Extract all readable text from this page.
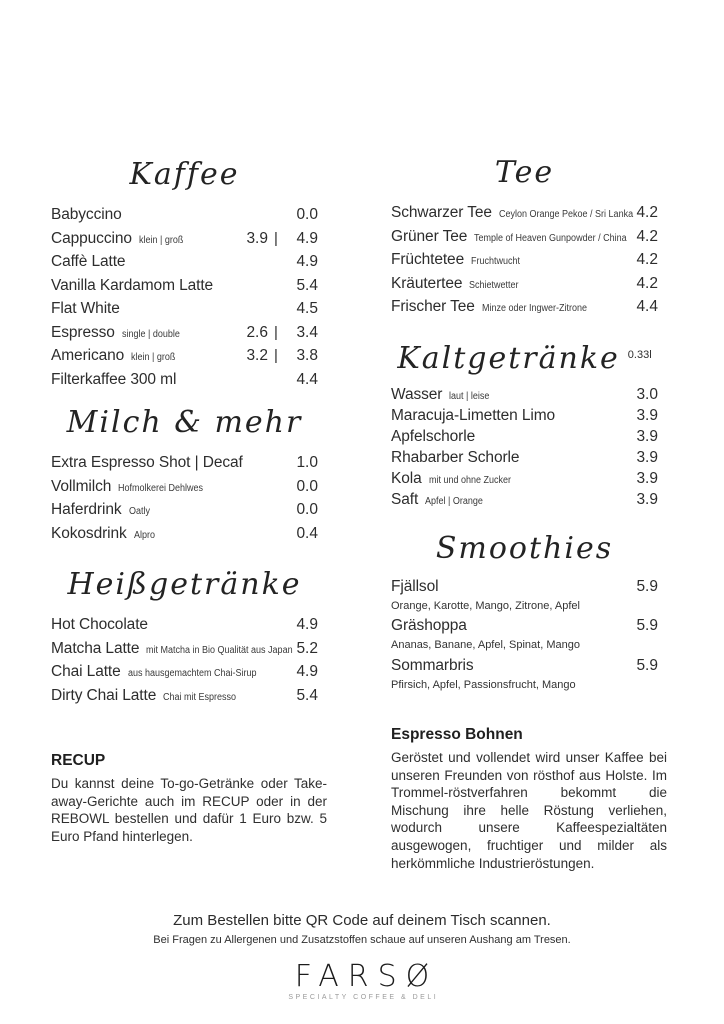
Kaffee
Babyccino	0.0
Cappuccino klein | groß	3.9 |	4.9
Caffè Latte	4.9
Vanilla Kardamom Latte	5.4
Flat White	4.5
Espresso single | double	2.6 |	3.4
Americano klein | groß	3.2 |	3.8
Filterkaffee 300 ml	4.4
Milch & mehr
Extra Espresso Shot | Decaf	1.0
Vollmilch Hofmolkerei Dehlwes	0.0
Haferdrink Oatly	0.0
Kokosdrink Alpro	0.4
Heißgetränke
Hot Chocolate	4.9
Matcha Latte mit Matcha in Bio Qualität aus Japan 5.2
Chai Latte aus hausgemachtem Chai-Sirup	4.9
Dirty Chai Latte Chai mit Espresso	5.4
RECUP
Du kannst deine To-go-Getränke oder Take-away-Gerichte auch im RECUP oder in der REBOWL bestellen und dafür 1 Euro bzw. 5 Euro Pfand hinterlegen.
Tee
Schwarzer Tee Ceylon Orange Pekoe / Sri Lanka 4.2
Grüner Tee Temple of Heaven Gunpowder / China 4.2
Früchtetee Fruchtwucht	4.2
Kräutertee Schietwetter	4.2
Frischer Tee Minze oder Ingwer-Zitrone	4.4
Kaltgetränke $^{0.33l}$
Wasser laut | leise	3.0
Maracuja-Limetten Limo	3.9
Apfelschorle	3.9
Rhabarber Schorle	3.9
Kola mit und ohne Zucker	3.9
Saft Apfel | Orange	3.9
Smoothies
Fjällsol	5.9
Orange, Karotte, Mango, Zitrone, Apfel
Gräshoppa	5.9
Ananas, Banane, Apfel, Spinat, Mango
Sommarbris	5.9
Pfirsich, Apfel, Passionsfrucht, Mango
Espresso Bohnen
Geröstet und vollendet wird unser Kaffee bei unseren Freunden von rösthof aus Holste. Im Trommel-röstverfahren bekommt die Mischung ihre helle Röstung verliehen, wodurch unsere Kaffeespezialtäten ausgewogen, fruchtiger und milder als herkömmliche Industrieröstungen.
Zum Bestellen bitte QR Code auf deinem Tisch scannen.
Bei Fragen zu Allergenen und Zusatzstoffen schaue auf unseren Aushang am Tresen.
FARSØ
SPECIALTY COFFEE & DELI
